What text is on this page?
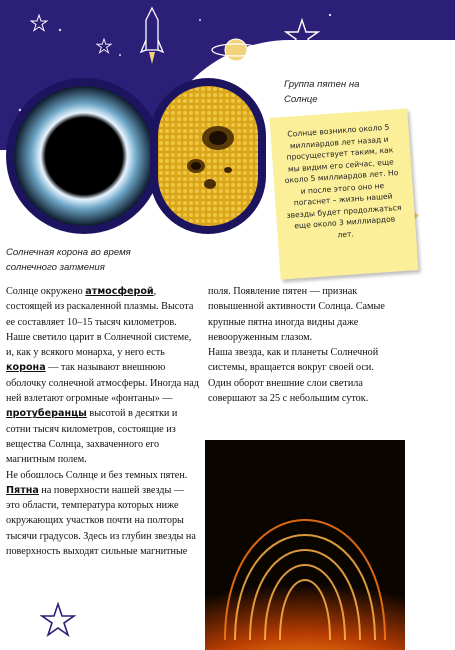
15
Группа пятен на Солнце
Солнечная корона во время солнечного затмения
Солнце возникло около 5 миллиардов лет назад и просуществует таким, как мы видим его сейчас, еще около 5 миллиардов лет. Но и после этого оно не погаснет – жизнь нашей звезды будет продолжаться еще около 3 миллиардов лет.

Солнце окружено атмосферой, состоящей из раскаленной плазмы. Высота ее составляет 10–15 тысяч километров. Наше светило царит в Солнечной системе, и, как у всякого монарха, у него есть корона — так называют внешнюю оболочку солнечной атмосферы. Иногда над ней взлетают огромные «фонтаны» — протуберанцы высотой в десятки и сотни тысяч километров, состоящие из вещества Солнца, захваченного его магнитным полем.

Не обошлось Солнце и без темных пятен. Пятна на поверхности нашей звезды — это области, температура которых ниже окружающих участков почти на полторы тысячи градусов. Здесь из глубин звезды на поверхность выходят сильные магнитные

поля. Появление пятен — признак повышенной активности Солнца. Самые крупные пятна иногда видны даже невооруженным глазом.

Наша звезда, как и планеты Солнечной системы, вращается вокруг своей оси. Один оборот внешние слои светила совершают за 25 с небольшим суток.
